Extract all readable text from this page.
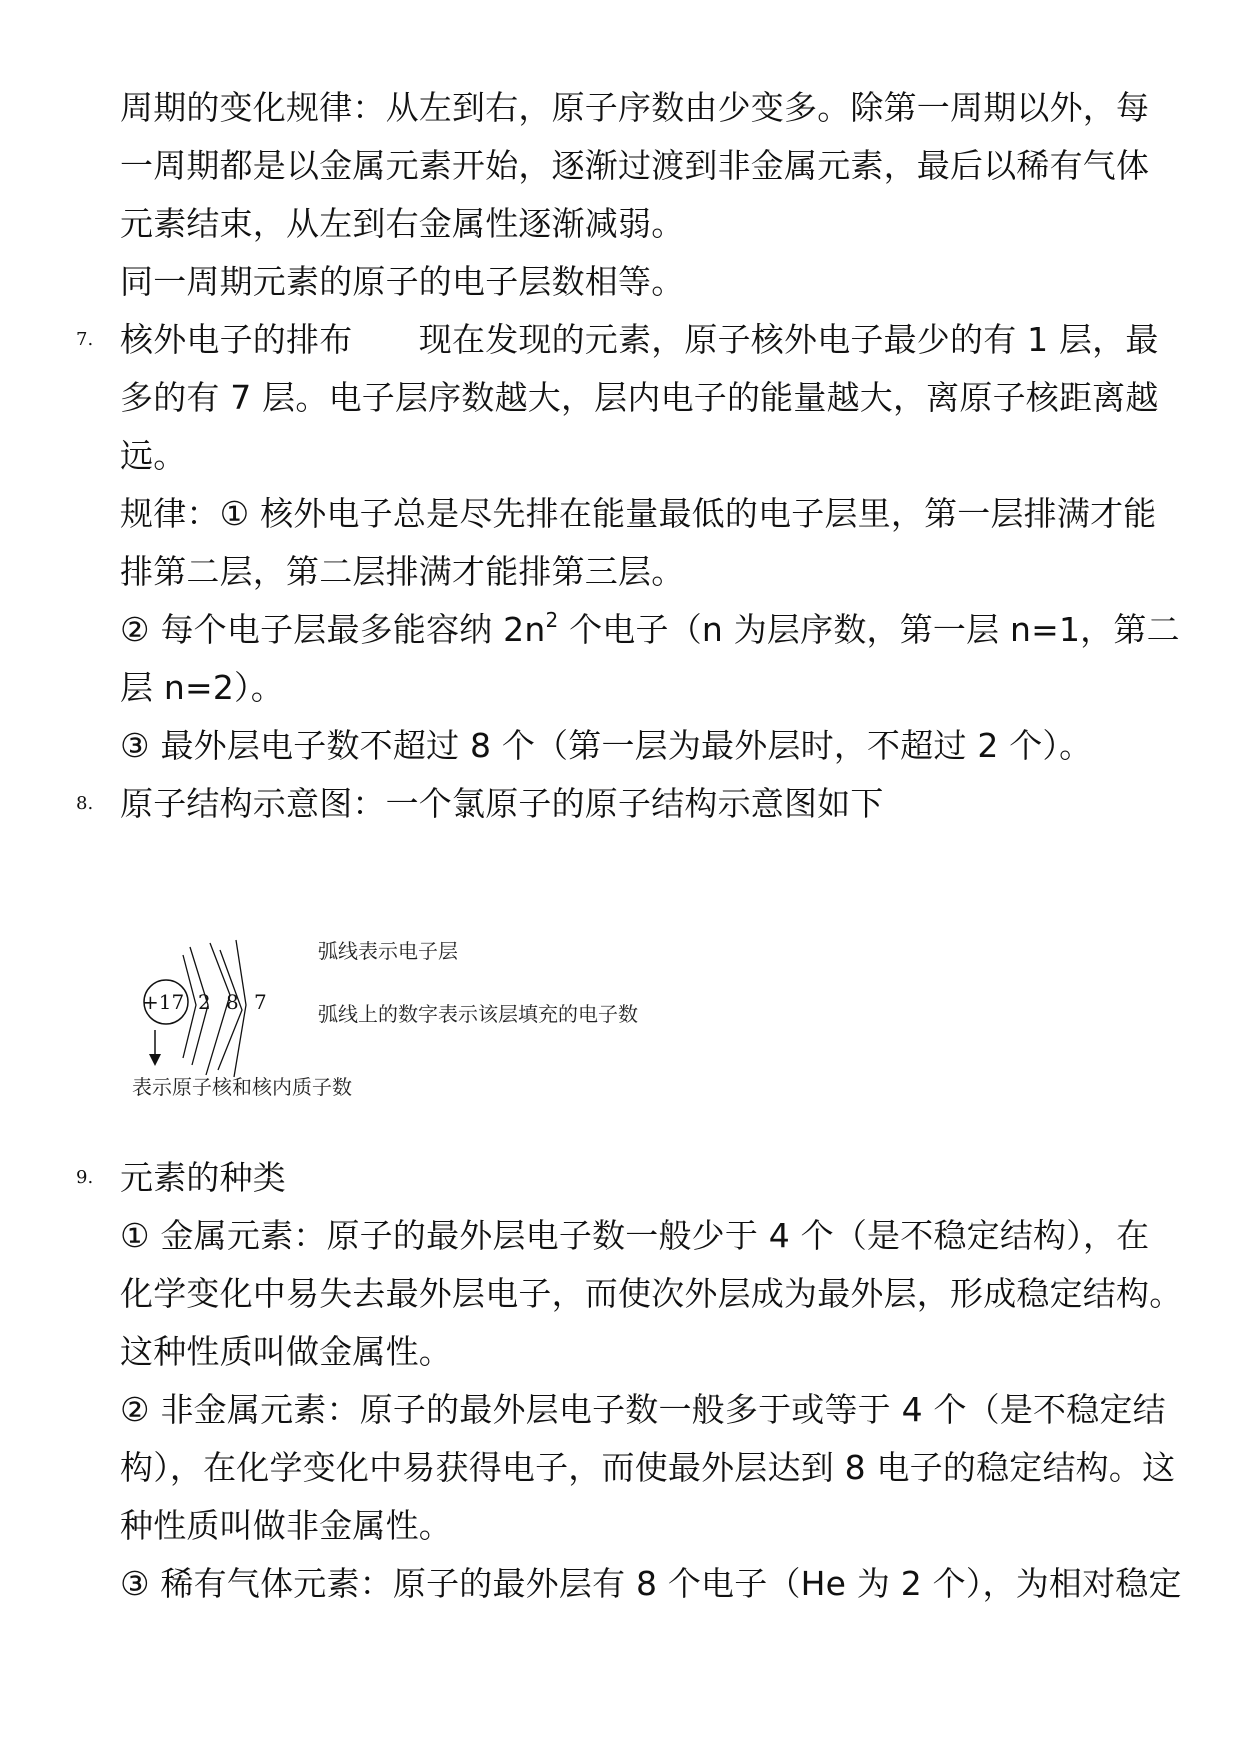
周期的变化规律：从左到右，原子序数由少变多。除第一周期以外，每
一周期都是以金属元素开始，逐渐过渡到非金属元素，最后以稀有气体
元素结束，从左到右金属性逐渐减弱。
同一周期元素的原子的电子层数相等。
7. 核外电子的排布　　现在发现的元素，原子核外电子最少的有 1 层，最
多的有 7 层。电子层序数越大，层内电子的能量越大，离原子核距离越
远。
规律：① 核外电子总是尽先排在能量最低的电子层里，第一层排满才能
排第二层，第二层排满才能排第三层。
② 每个电子层最多能容纳 $2n^2$ 个电子（n 为层序数，第一层 n=1，第二
层 n=2）。
③ 最外层电子数不超过 8 个（第一层为最外层时，不超过 2 个）。
8. 原子结构示意图：一个氯原子的原子结构示意图如下
+17 2 8 7
弧线表示电子层
弧线上的数字表示该层填充的电子数
表示原子核和核内质子数
9. 元素的种类
① 金属元素：原子的最外层电子数一般少于 4 个（是不稳定结构），在
化学变化中易失去最外层电子，而使次外层成为最外层，形成稳定结构。
这种性质叫做金属性。
② 非金属元素：原子的最外层电子数一般多于或等于 4 个（是不稳定结
构），在化学变化中易获得电子，而使最外层达到 8 电子的稳定结构。这
种性质叫做非金属性。
③ 稀有气体元素：原子的最外层有 8 个电子（He 为 2 个），为相对稳定
